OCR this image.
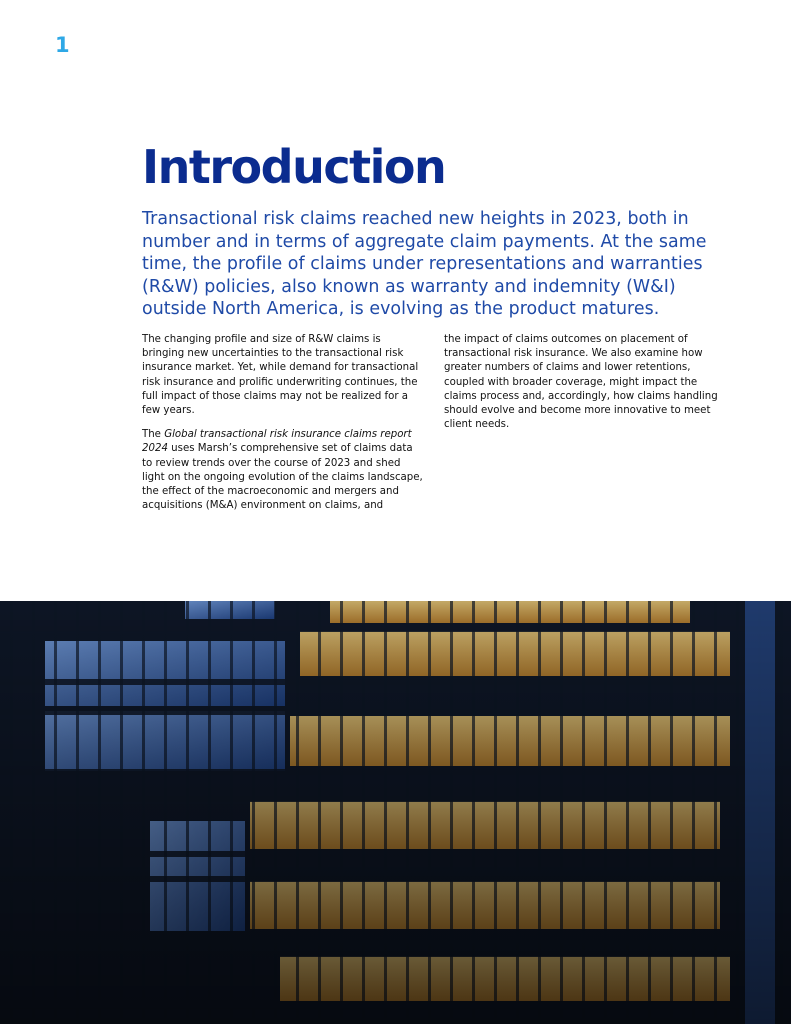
1
Introduction

Transactional risk claims reached new heights in 2023, both in number and in terms of aggregate claim payments. At the same time, the profile of claims under representations and warranties (R&W) policies, also known as warranty and indemnity (W&I) outside North America, is evolving as the product matures.

The changing profile and size of R&W claims is bringing new uncertainties to the transactional risk insurance market. Yet, while demand for transactional risk insurance and prolific underwriting continues, the full impact of those claims may not be realized for a few years.

The Global transactional risk insurance claims report 2024 uses Marsh’s comprehensive set of claims data to review trends over the course of 2023 and shed light on the ongoing evolution of the claims landscape, the effect of the macroeconomic and mergers and acquisitions (M&A) environment on claims, and

the impact of claims outcomes on placement of transactional risk insurance. We also examine how greater numbers of claims and lower retentions, coupled with broader coverage, might impact the claims process and, accordingly, how claims handling should evolve and become more innovative to meet client needs.
